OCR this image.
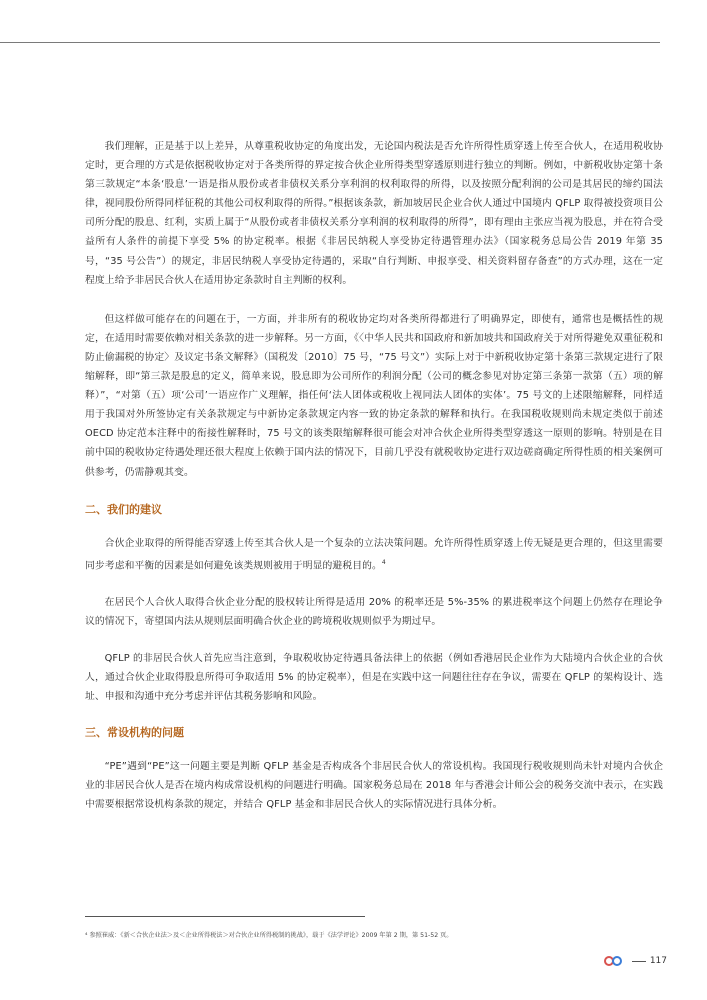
我们理解，正是基于以上差异，从尊重税收协定的角度出发，无论国内税法是否允许所得性质穿透上传至合伙人，在适用税收协定时，更合理的方式是依据税收协定对于各类所得的界定按合伙企业所得类型穿透原则进行独立的判断。例如，中新税收协定第十条第三款规定“本条‘股息’一语是指从股份或者非债权关系分享利润的权利取得的所得，以及按照分配利润的公司是其居民的缔约国法律，视同股份所得同样征税的其他公司权利取得的所得。”根据该条款，新加坡居民企业合伙人通过中国境内 QFLP 取得被投资项目公司所分配的股息、红利，实质上属于“从股份或者非债权关系分享利润的权利取得的所得”，即有理由主张应当视为股息，并在符合受益所有人条件的前提下享受 5% 的协定税率。根据《非居民纳税人享受协定待遇管理办法》（国家税务总局公告 2019 年第 35 号，“35 号公告”）的规定，非居民纳税人享受协定待遇的，采取“自行判断、申报享受、相关资料留存备查”的方式办理，这在一定程度上给予非居民合伙人在适用协定条款时自主判断的权利。

但这样做可能存在的问题在于，一方面，并非所有的税收协定均对各类所得都进行了明确界定，即使有，通常也是概括性的规定，在适用时需要依赖对相关条款的进一步解释。另一方面，《〈中华人民共和国政府和新加坡共和国政府关于对所得避免双重征税和防止偷漏税的协定〉及议定书条文解释》（国税发〔2010〕75 号，“75 号文”）实际上对于中新税收协定第十条第三款规定进行了限缩解释，即“第三款是股息的定义，简单来说，股息即为公司所作的利润分配（公司的概念参见对协定第三条第一款第（五）项的解释）”，“对第（五）项‘公司’一语应作广义理解，指任何‘法人团体或税收上视同法人团体的实体’。75 号文的上述限缩解释，同样适用于我国对外所签协定有关条款规定与中新协定条款规定内容一致的协定条款的解释和执行。在我国税收规则尚未规定类似于前述 OECD 协定范本注释中的衔接性解释时，75 号文的该类限缩解释很可能会对冲合伙企业所得类型穿透这一原则的影响。特别是在目前中国的税收协定待遇处理还很大程度上依赖于国内法的情况下，目前几乎没有就税收协定进行双边磋商确定所得性质的相关案例可供参考，仍需静观其变。

二、我们的建议

合伙企业取得的所得能否穿透上传至其合伙人是一个复杂的立法决策问题。允许所得性质穿透上传无疑是更合理的，但这里需要同步考虑和平衡的因素是如何避免该类规则被用于明显的避税目的。$^4$

在居民个人合伙人取得合伙企业分配的股权转让所得是适用 20% 的税率还是 5%-35% 的累进税率这个问题上仍然存在理论争议的情况下，寄望国内法从规则层面明确合伙企业的跨境税收规则似乎为期过早。

QFLP 的非居民合伙人首先应当注意到，争取税收协定待遇具备法律上的依据（例如香港居民企业作为大陆境内合伙企业的合伙人，通过合伙企业取得股息所得可争取适用 5% 的协定税率），但是在实践中这一问题往往存在争议，需要在 QFLP 的架构设计、选址、申报和沟通中充分考虑并评估其税务影响和风险。

三、常设机构的问题

“PE”遇到“PE”这一问题主要是判断 QFLP 基金是否构成各个非居民合伙人的常设机构。我国现行税收规则尚未针对境内合伙企业的非居民合伙人是否在境内构成常设机构的问题进行明确。国家税务总局在 2018 年与香港会计师公会的税务交流中表示，在实践中需要根据常设机构条款的规定，并结合 QFLP 基金和非居民合伙人的实际情况进行具体分析。

⁴ 参照崔威：《新＜合伙企业法＞及＜企业所得税法＞对合伙企业所得税制的挑战》，载于《法学评论》2009 年第 2 期，第 51-52 页。
117
